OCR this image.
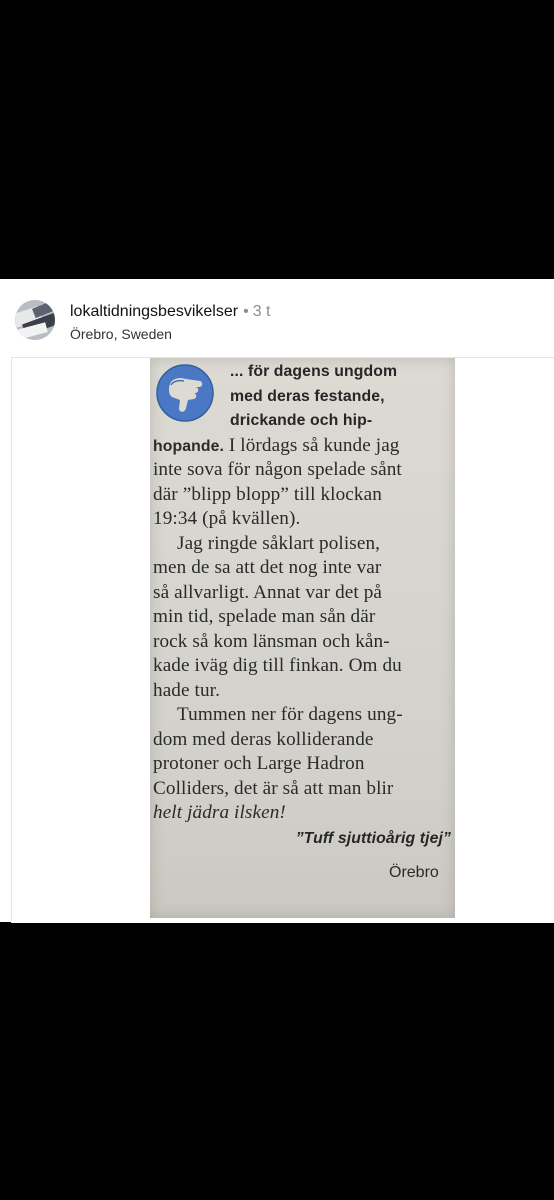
lokaltidningsbesvikelser • 3 t
Örebro, Sweden
... för dagens ungdom
med deras festande,
drickande och hip-
hopande. I lördags så kunde jag
inte sova för någon spelade sånt
där ”blipp blopp” till klockan
19:34 (på kvällen).
Jag ringde såklart polisen,
men de sa att det nog inte var
så allvarligt. Annat var det på
min tid, spelade man sån där
rock så kom länsman och kån-
kade iväg dig till finkan. Om du
hade tur.
Tummen ner för dagens ung-
dom med deras kolliderande
protoner och Large Hadron
Colliders, det är så att man blir
helt jädra ilsken!
”Tuff sjuttioårig tjej”
Örebro
